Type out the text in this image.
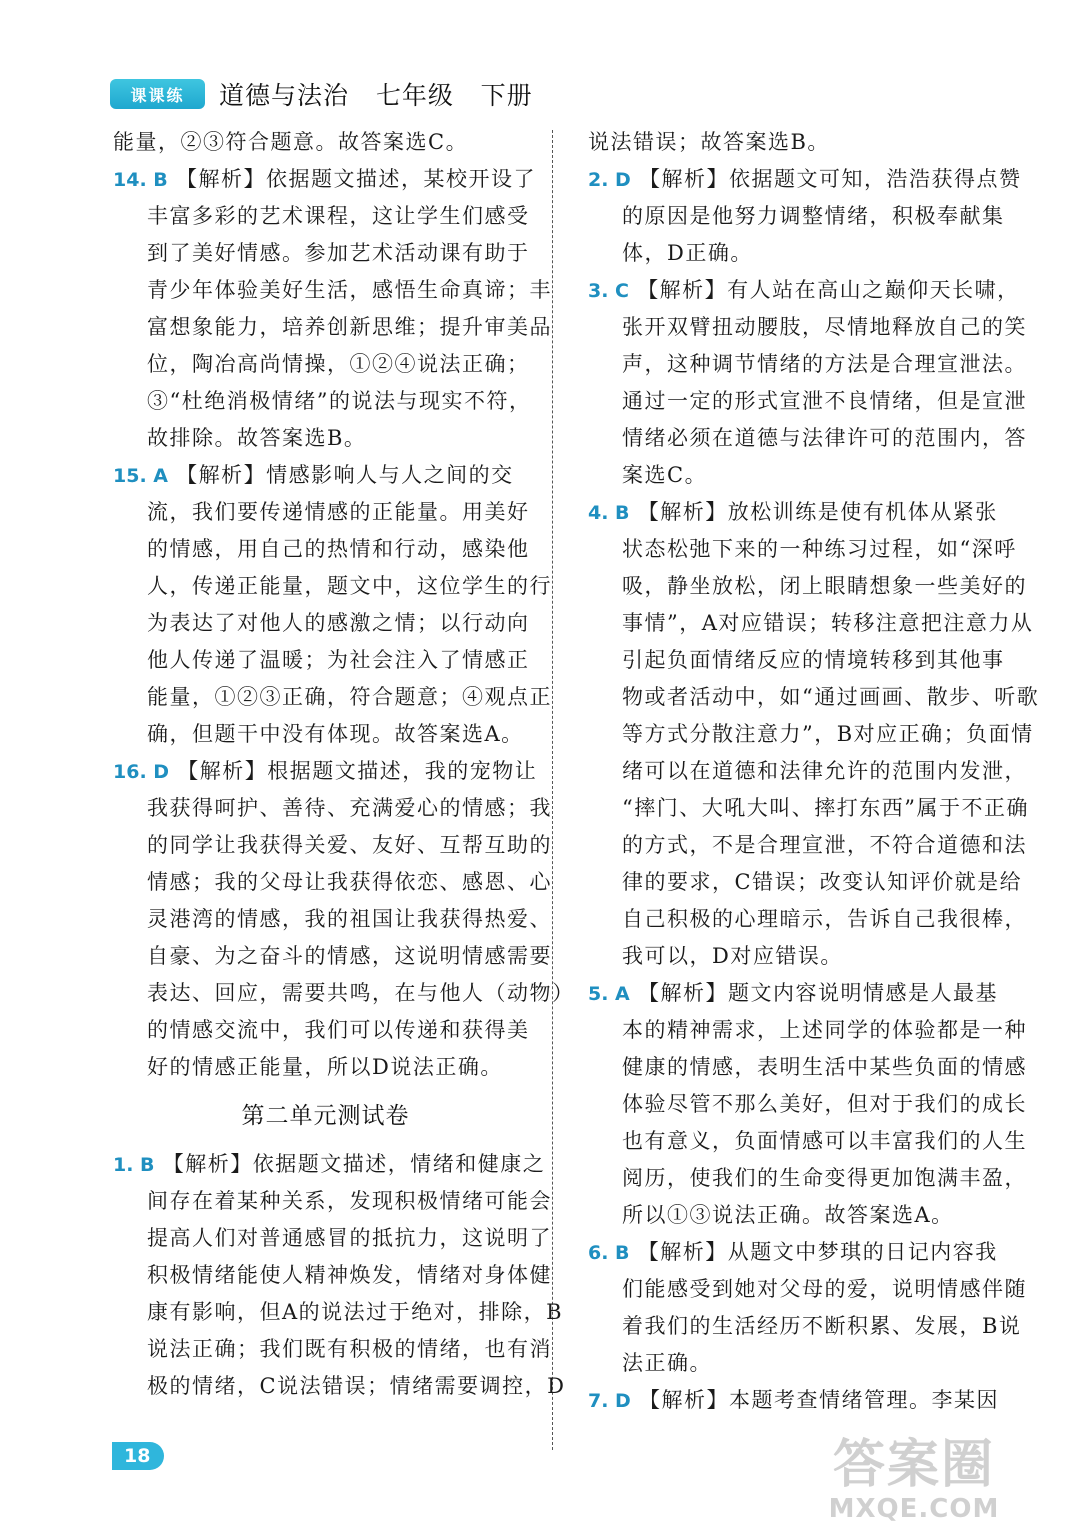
课课练	道德与法治   七年级   下册
能量，②③符合题意。故答案选C。
14. B 【解析】依据题文描述，某校开设了
丰富多彩的艺术课程，这让学生们感受
到了美好情感。参加艺术活动课有助于
青少年体验美好生活，感悟生命真谛；丰
富想象能力，培养创新思维；提升审美品
位，陶冶高尚情操，①②④说法正确；
③“杜绝消极情绪”的说法与现实不符，
故排除。故答案选B。
15. A 【解析】情感影响人与人之间的交
流，我们要传递情感的正能量。用美好
的情感，用自己的热情和行动，感染他
人，传递正能量，题文中，这位学生的行
为表达了对他人的感激之情；以行动向
他人传递了温暖；为社会注入了情感正
能量，①②③正确，符合题意；④观点正
确，但题干中没有体现。故答案选A。
16. D 【解析】根据题文描述，我的宠物让
我获得呵护、善待、充满爱心的情感；我
的同学让我获得关爱、友好、互帮互助的
情感；我的父母让我获得依恋、感恩、心
灵港湾的情感，我的祖国让我获得热爱、
自豪、为之奋斗的情感，这说明情感需要
表达、回应，需要共鸣，在与他人（动物）
的情感交流中，我们可以传递和获得美
好的情感正能量，所以D说法正确。
第二单元测试卷
1. B 【解析】依据题文描述，情绪和健康之
间存在着某种关系，发现积极情绪可能会
提高人们对普通感冒的抵抗力，这说明了
积极情绪能使人精神焕发，情绪对身体健
康有影响，但A的说法过于绝对，排除，B
说法正确；我们既有积极的情绪，也有消
极的情绪，C说法错误；情绪需要调控，D
说法错误；故答案选B。
2. D 【解析】依据题文可知，浩浩获得点赞
的原因是他努力调整情绪，积极奉献集
体，D正确。
3. C 【解析】有人站在高山之巅仰天长啸，
张开双臂扭动腰肢，尽情地释放自己的笑
声，这种调节情绪的方法是合理宣泄法。
通过一定的形式宣泄不良情绪，但是宣泄
情绪必须在道德与法律许可的范围内，答
案选C。
4. B 【解析】放松训练是使有机体从紧张
状态松弛下来的一种练习过程，如“深呼
吸，静坐放松，闭上眼睛想象一些美好的
事情”，A对应错误；转移注意把注意力从
引起负面情绪反应的情境转移到其他事
物或者活动中，如“通过画画、散步、听歌
等方式分散注意力”，B对应正确；负面情
绪可以在道德和法律允许的范围内发泄，
“摔门、大吼大叫、摔打东西”属于不正确
的方式，不是合理宣泄，不符合道德和法
律的要求，C错误；改变认知评价就是给
自己积极的心理暗示，告诉自己我很棒，
我可以，D对应错误。
5. A 【解析】题文内容说明情感是人最基
本的精神需求，上述同学的体验都是一种
健康的情感，表明生活中某些负面的情感
体验尽管不那么美好，但对于我们的成长
也有意义，负面情感可以丰富我们的人生
阅历，使我们的生命变得更加饱满丰盈，
所以①③说法正确。故答案选A。
6. B 【解析】从题文中梦琪的日记内容我
们能感受到她对父母的爱，说明情感伴随
着我们的生活经历不断积累、发展，B说
法正确。
7. D 【解析】本题考查情绪管理。李某因
18	答案圈
MXQE.COM
